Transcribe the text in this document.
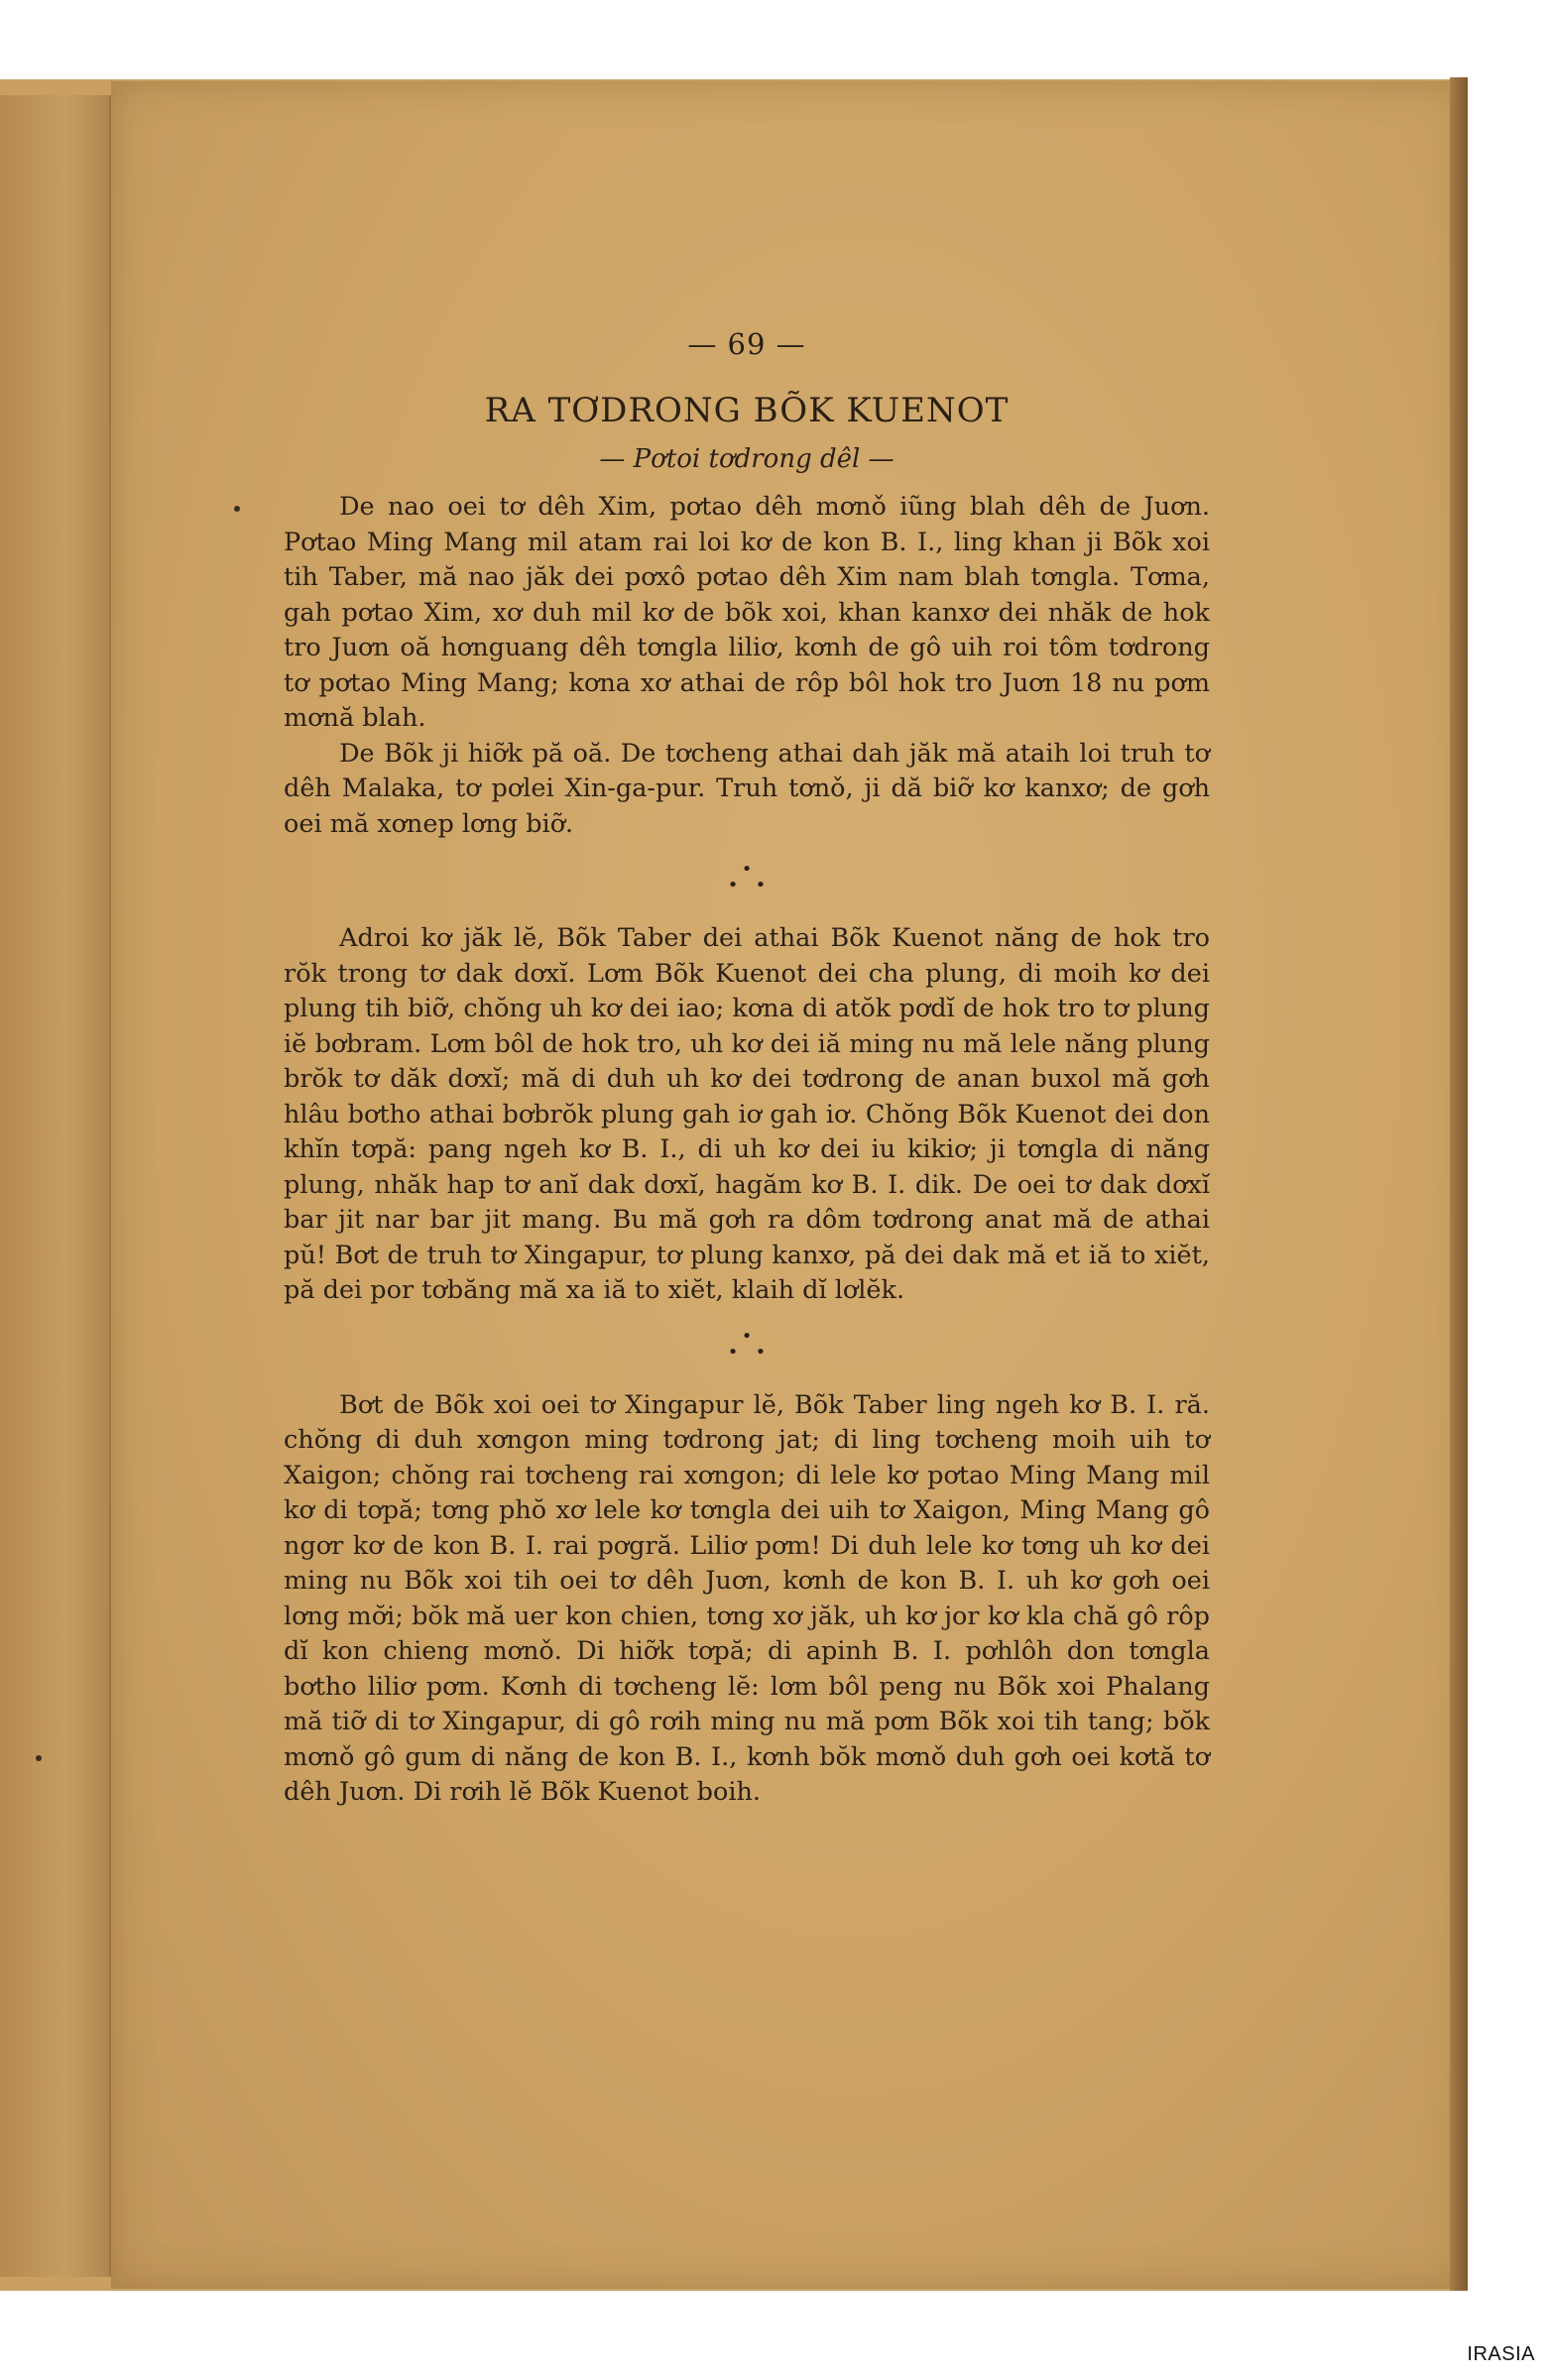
— 69 —

RA TƠDRONG BÕK KUENOT

— Pơtoi tơdrong dêl —

De nao oei tơ dêh Xim, pơtao dêh mơnǒ iũng blah dêh de Juơn. Pơtao Ming Mang mil atam rai loi kơ de kon B. I., ling khan ji Bõk xoi tih Taber, mă nao jăk dei pơxô pơtao dêh Xim nam blah tơngla. Tơma, gah pơtao Xim, xơ duh mil kơ de bõk xoi, khan kanxơ dei nhăk de hok tro Juơn oă hơnguang dêh tơngla liliơ, kơnh de gô uih roi tôm tơdrong tơ pơtao Ming Mang; kơna xơ athai de rôp bôl hok tro Juơn 18 nu pơm mơnă blah.

De Bõk ji hiỡk pă oă. De tơcheng athai dah jăk mă ataih loi truh tơ dêh Malaka, tơ pơlei Xin-ga-pur. Truh tơnǒ, ji dă biỡ kơ kanxơ; de gơh oei mă xơnep lơng biỡ.

•
•   •

Adroi kơ jăk lĕ, Bõk Taber dei athai Bõk Kuenot năng de hok tro rŏk trong tơ dak dơxĭ. Lơm Bõk Kuenot dei cha plung, di moih kơ dei plung tih biỡ, chŏng uh kơ dei iao; kơna di atŏk pơdĭ de hok tro tơ plung iĕ bơbram. Lơm bôl de hok tro, uh kơ dei iă ming nu mă lele năng plung brŏk tơ dăk dơxĭ; mă di duh uh kơ dei tơdrong de anan buxol mă gơh hlâu bơtho athai bơbrŏk plung gah iơ gah iơ. Chŏng Bõk Kuenot dei don khĭn tơpă: pang ngeh kơ B. I., di uh kơ dei iu kikiơ; ji tơngla di năng plung, nhăk hap tơ anĭ dak dơxĭ, hagăm kơ B. I. dik. De oei tơ dak dơxĭ bar jit nar bar jit mang. Bu mă gơh ra dôm tơdrong anat mă de athai pŭ! Bơt de truh tơ Xingapur, tơ plung kanxơ, pă dei dak mă et iă to xiĕt, pă dei por tơbăng mă xa iă to xiĕt, klaih dĭ lơlĕk.

•
•   •

Bơt de Bõk xoi oei tơ Xingapur lĕ, Bõk Taber ling ngeh kơ B. I. ră. chŏng di duh xơngon ming tơdrong jat; di ling tơcheng moih uih tơ Xaigon; chŏng rai tơcheng rai xơngon; di lele kơ pơtao Ming Mang mil kơ di tơpă; tơng phŏ xơ lele kơ tơngla dei uih tơ Xaigon, Ming Mang gô ngơr kơ de kon B. I. rai pơgră. Liliơ pơm! Di duh lele kơ tơng uh kơ dei ming nu Bõk xoi tih oei tơ dêh Juơn, kơnh de kon B. I. uh kơ gơh oei lơng mơ̆i; bŏk mă uer kon chien, tơng xơ jăk, uh kơ jor kơ kla chă gô rôp dĭ kon chieng mơnǒ. Di hiỡk tơpă; di apinh B. I. pơhlôh don tơngla bơtho liliơ pơm. Kơnh di tơcheng lĕ: lơm bôl peng nu Bõk xoi Phalang mă tiỡ di tơ Xingapur, di gô rơih ming nu mă pơm Bõk xoi tih tang; bŏk mơnǒ gô gum di năng de kon B. I., kơnh bŏk mơnǒ duh gơh oei kơtă tơ dêh Juơn. Di rơih lĕ Bõk Kuenot boih.

IRASIA
